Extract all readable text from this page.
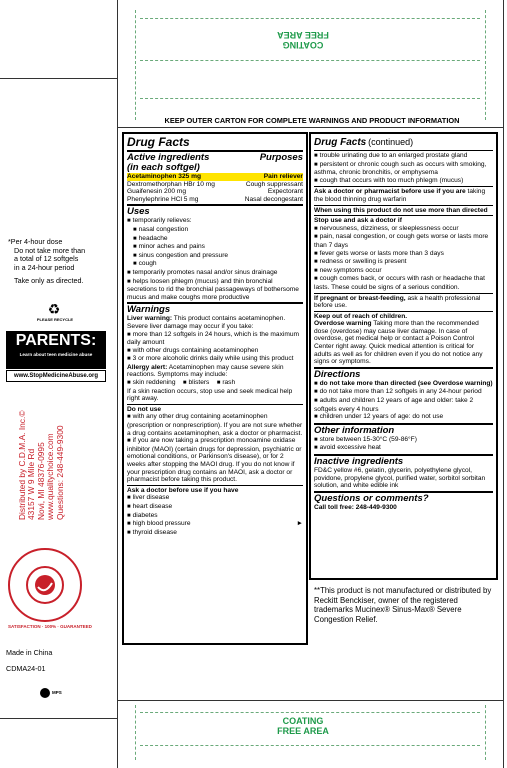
COATING
FREE AREA
COATING
FREE AREA
KEEP OUTER CARTON FOR COMPLETE WARNINGS AND PRODUCT INFORMATION
*Per 4-hour dose
Do not take more than
a total of 12 softgels
in a 24-hour period
Take only as directed.
♻
PLEASE RECYCLE
PARENTS:
Learn about teen medicine abuse
www.StopMedicineAbuse.org
Distributed by C.D.M.A. Inc.© 43157 W 9 Mile Rd Novi, MI 48376-0995 www.qualitychoice.com Questions: 248-449-9300
SATISFACTION · 100% · GUARANTEED
Made in China
CDMA24-01
MPS
Drug Facts
Active ingredients	Purposes
(in each softgel)
Acetaminophen 325 mg	Pain reliever
Dextromethorphan HBr 10 mg	Cough suppressant
Guaifenesin 200 mg	Expectorant
Phenylephrine HCl 5 mg	Nasal decongestant
Uses
■ temporarily relieves:
■ nasal congestion
■ headache
■ minor aches and pains
■ sinus congestion and pressure
■ cough
■ temporarily promotes nasal and/or sinus drainage
■ helps loosen phlegm (mucus) and thin bronchial secretions to rid the bronchial passageways of bothersome mucus and make coughs more productive
Warnings

Liver warning: This product contains acetaminophen. Severe liver damage may occur if you take:

■ more than 12 softgels in 24 hours, which is the maximum daily amount
■ with other drugs containing acetaminophen
■ 3 or more alcoholic drinks daily while using this product

Allergy alert: Acetaminophen may cause severe skin reactions. Symptoms may include:

■ skin reddening ■ blisters ■ rash

If a skin reaction occurs, stop use and seek medical help right away.

Do not use
■ with any other drug containing acetaminophen (prescription or nonprescription). If you are not sure whether a drug contains acetaminophen, ask a doctor or pharmacist.
■ if you are now taking a prescription monoamine oxidase inhibitor (MAOI) (certain drugs for depression, psychiatric or emotional conditions, or Parkinson's disease), or for 2 weeks after stopping the MAOI drug. If you do not know if your prescription drug contains an MAOI, ask a doctor or pharmacist before taking this product.
Ask a doctor before use if you have
■ liver disease
■ heart disease
■ diabetes
■ high blood pressure	►
■ thyroid disease
Drug Facts (continued)
■ trouble urinating due to an enlarged prostate gland
■ persistent or chronic cough such as occurs with smoking, asthma, chronic bronchitis, or emphysema
■ cough that occurs with too much phlegm (mucus)

Ask a doctor or pharmacist before use if you are taking the blood thinning drug warfarin

When using this product do not use more than directed
Stop use and ask a doctor if
■ nervousness, dizziness, or sleeplessness occur
■ pain, nasal congestion, or cough gets worse or lasts more than 7 days
■ fever gets worse or lasts more than 3 days
■ redness or swelling is present
■ new symptoms occur
■ cough comes back, or occurs with rash or headache that lasts. These could be signs of a serious condition.

If pregnant or breast-feeding, ask a health professional before use.

Keep out of reach of children.

Overdose warning Taking more than the recommended dose (overdose) may cause liver damage. In case of overdose, get medical help or contact a Poison Control Center right away. Quick medical attention is critical for adults as well as for children even if you do not notice any signs or symptoms.

Directions
■ do not take more than directed (see Overdose warning)
■ do not take more than 12 softgels in any 24-hour period
■ adults and children 12 years of age and older: take 2 softgels every 4 hours
■ children under 12 years of age: do not use
Other information
■ store between 15-30°C (59-86°F)
■ avoid excessive heat
Inactive ingredients

FD&C yellow #6, gelatin, glycerin, polyethylene glycol, povidone, propylene glycol, purified water, sorbitol sorbitan solution, and white edible ink

Questions or comments?
Call toll free: 248-449-9300
**This product is not manufactured or distributed by Reckitt Benckiser, owner of the registered trademarks Mucinex® Sinus-Max® Severe Congestion Relief.
